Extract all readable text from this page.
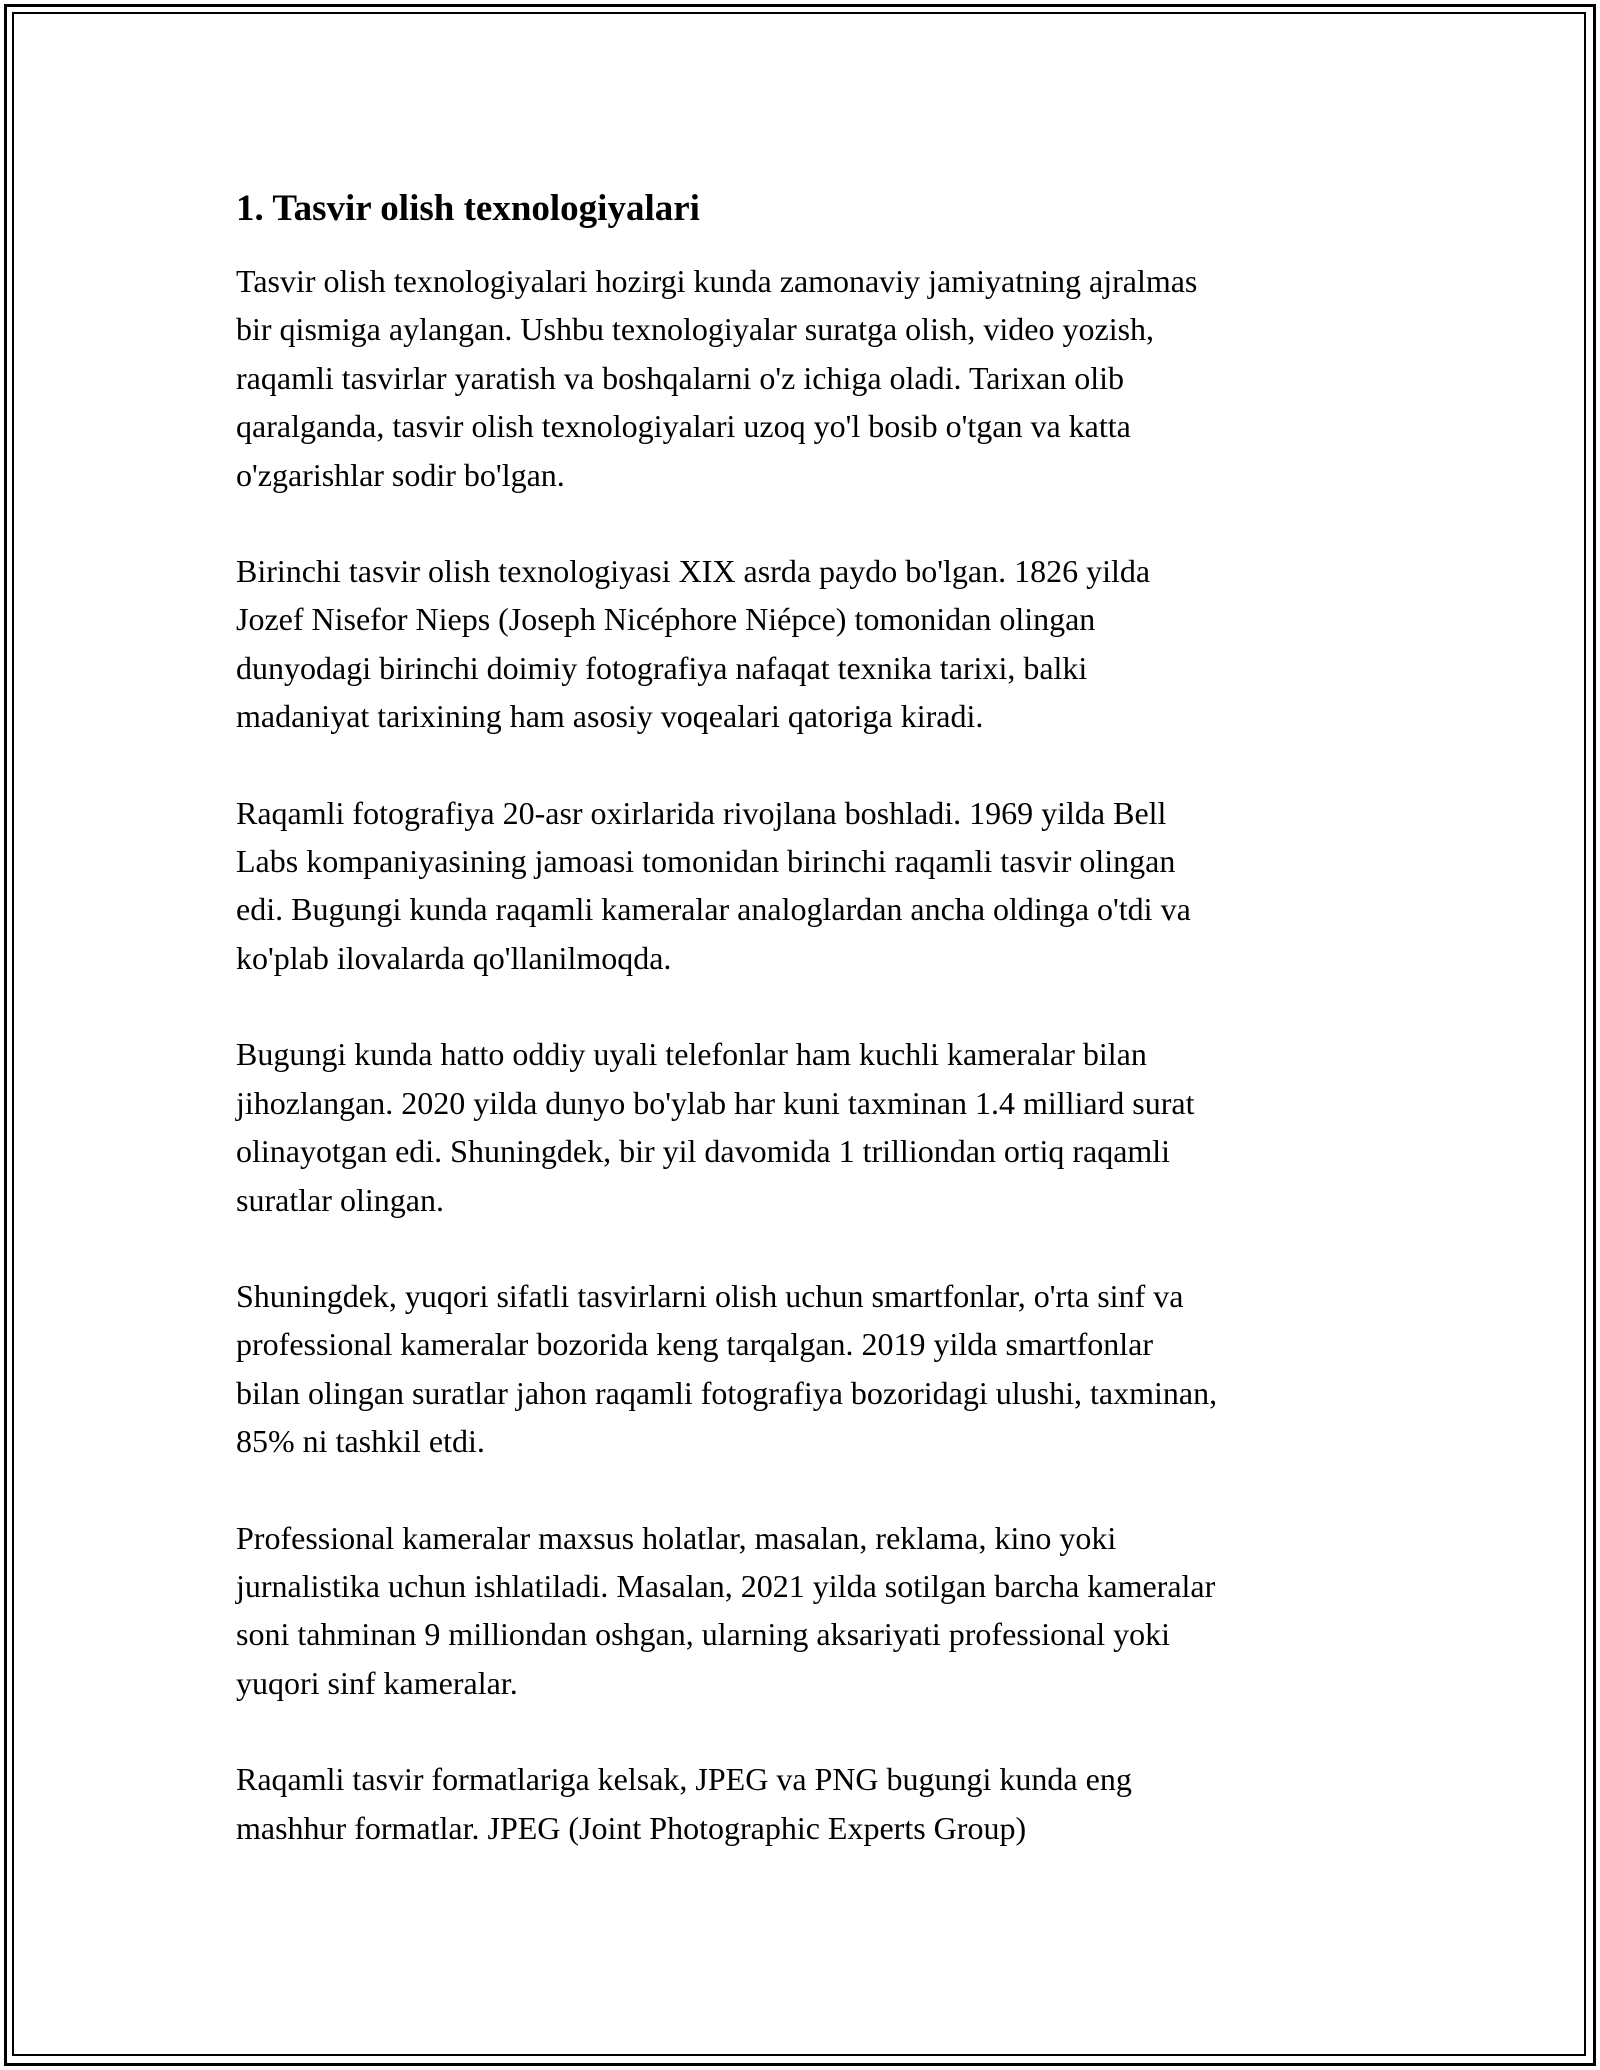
1. Tasvir olish texnologiyalari

Tasvir olish texnologiyalari hozirgi kunda zamonaviy jamiyatning ajralmas
bir qismiga aylangan. Ushbu texnologiyalar suratga olish, video yozish,
raqamli tasvirlar yaratish va boshqalarni o'z ichiga oladi. Tarixan olib
qaralganda, tasvir olish texnologiyalari uzoq yo'l bosib o'tgan va katta
o'zgarishlar sodir bo'lgan.

Birinchi tasvir olish texnologiyasi XIX asrda paydo bo'lgan. 1826 yilda
Jozef Nisefor Nieps (Joseph Nicéphore Niépce) tomonidan olingan
dunyodagi birinchi doimiy fotografiya nafaqat texnika tarixi, balki
madaniyat tarixining ham asosiy voqealari qatoriga kiradi.

Raqamli fotografiya 20-asr oxirlarida rivojlana boshladi. 1969 yilda Bell
Labs kompaniyasining jamoasi tomonidan birinchi raqamli tasvir olingan
edi. Bugungi kunda raqamli kameralar analoglardan ancha oldinga o'tdi va
ko'plab ilovalarda qo'llanilmoqda.

Bugungi kunda hatto oddiy uyali telefonlar ham kuchli kameralar bilan
jihozlangan. 2020 yilda dunyo bo'ylab har kuni taxminan 1.4 milliard surat
olinayotgan edi. Shuningdek, bir yil davomida 1 trilliondan ortiq raqamli
suratlar olingan.

Shuningdek, yuqori sifatli tasvirlarni olish uchun smartfonlar, o'rta sinf va
professional kameralar bozorida keng tarqalgan. 2019 yilda smartfonlar
bilan olingan suratlar jahon raqamli fotografiya bozoridagi ulushi, taxminan,
85% ni tashkil etdi.

Professional kameralar maxsus holatlar, masalan, reklama, kino yoki
jurnalistika uchun ishlatiladi. Masalan, 2021 yilda sotilgan barcha kameralar
soni tahminan 9 milliondan oshgan, ularning aksariyati professional yoki
yuqori sinf kameralar.

Raqamli tasvir formatlariga kelsak, JPEG va PNG bugungi kunda eng
mashhur formatlar. JPEG (Joint Photographic Experts Group)
